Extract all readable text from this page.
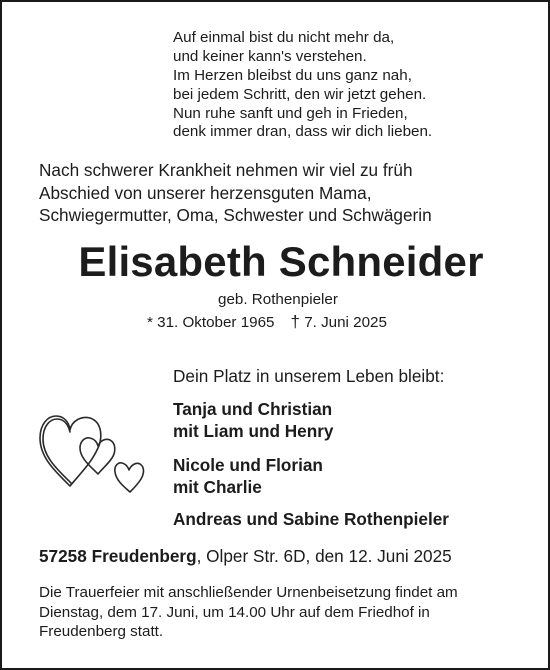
Auf einmal bist du nicht mehr da,
und keiner kann's verstehen.
Im Herzen bleibst du uns ganz nah,
bei jedem Schritt, den wir jetzt gehen.
Nun ruhe sanft und geh in Frieden,
denk immer dran, dass wir dich lieben.
Nach schwerer Krankheit nehmen wir viel zu früh
Abschied von unserer herzensguten Mama,
Schwiegermutter, Oma, Schwester und Schwägerin
Elisabeth Schneider
geb. Rothenpieler
* 31. Oktober 1965 † 7. Juni 2025
Dein Platz in unserem Leben bleibt:
Tanja und Christian
mit Liam und Henry
Nicole und Florian
mit Charlie
Andreas und Sabine Rothenpieler
57258 Freudenberg, Olper Str. 6D, den 12. Juni 2025
Die Trauerfeier mit anschließender Urnenbeisetzung findet am
Dienstag, dem 17. Juni, um 14.00 Uhr auf dem Friedhof in
Freudenberg statt.
